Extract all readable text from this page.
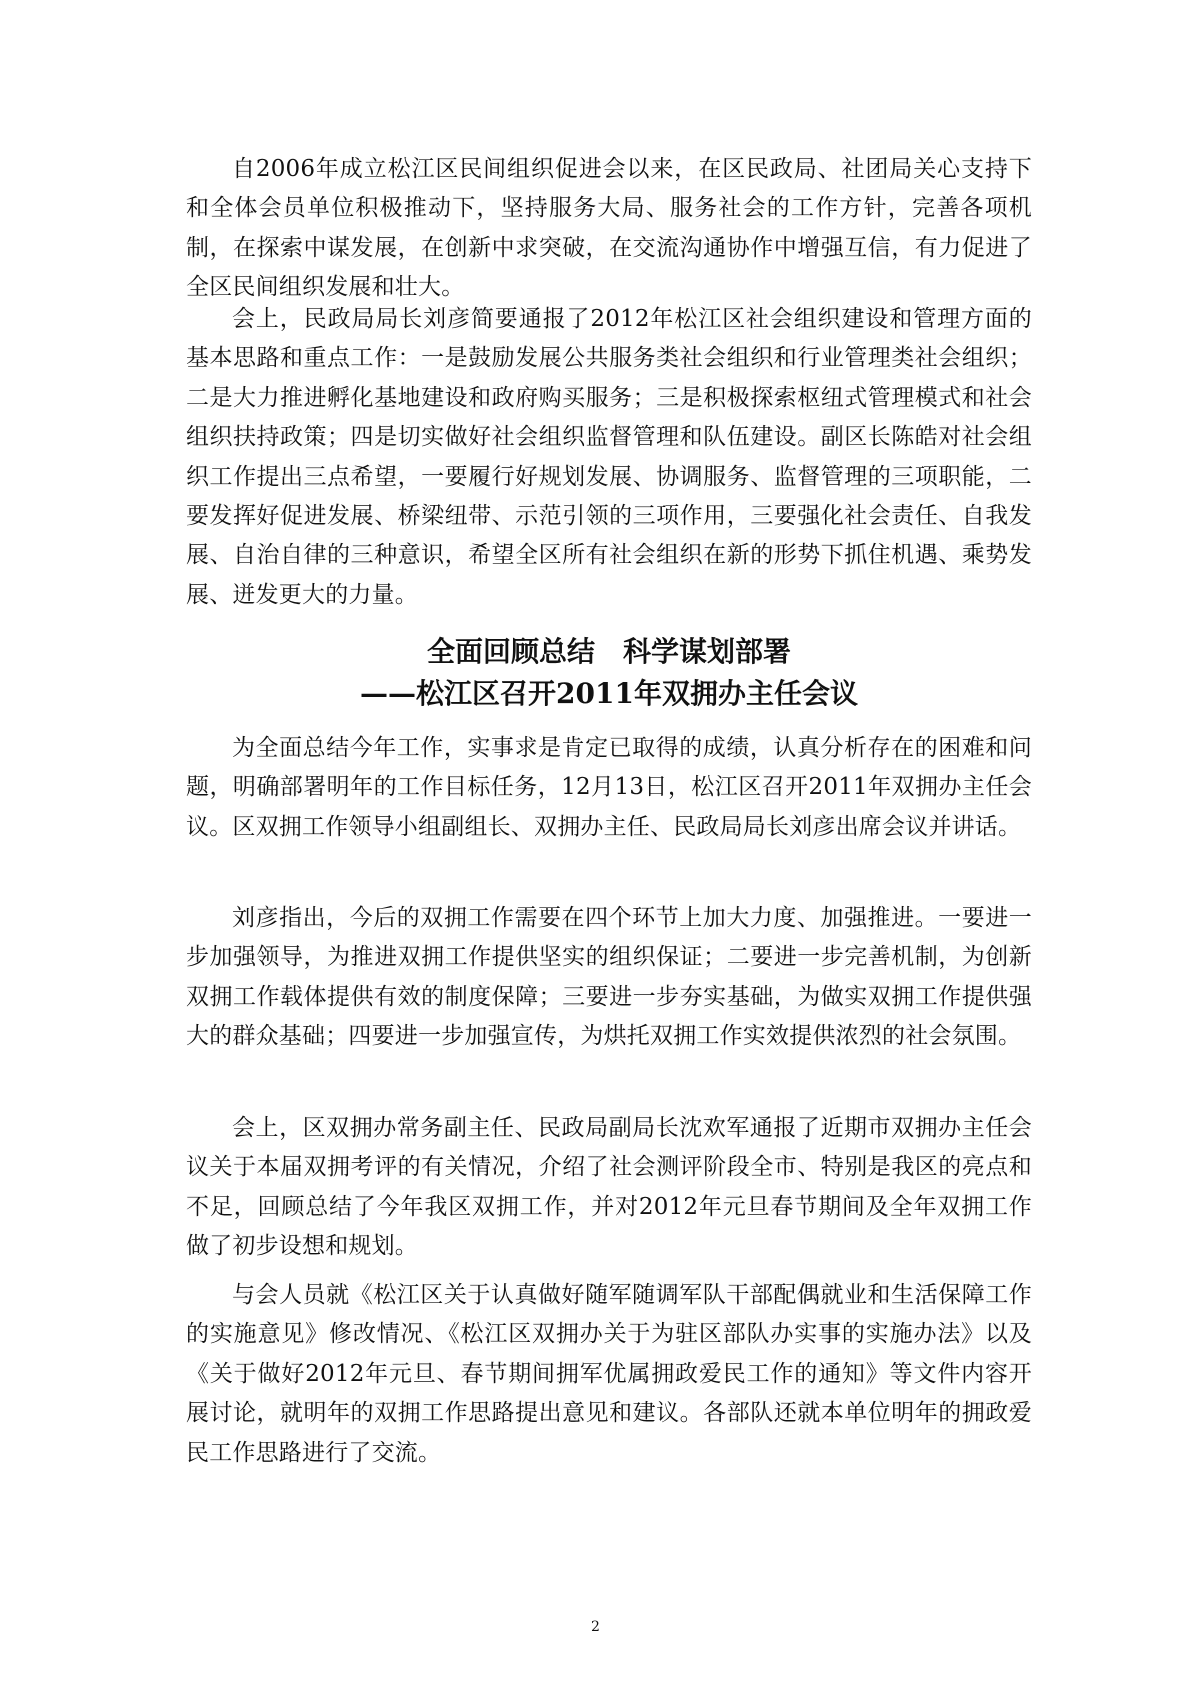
自2006年成立松江区民间组织促进会以来，在区民政局、社团局关心支持下和全体会员单位积极推动下，坚持服务大局、服务社会的工作方针，完善各项机制，在探索中谋发展，在创新中求突破，在交流沟通协作中增强互信，有力促进了全区民间组织发展和壮大。

会上，民政局局长刘彦简要通报了2012年松江区社会组织建设和管理方面的基本思路和重点工作：一是鼓励发展公共服务类社会组织和行业管理类社会组织；二是大力推进孵化基地建设和政府购买服务；三是积极探索枢纽式管理模式和社会组织扶持政策；四是切实做好社会组织监督管理和队伍建设。副区长陈皓对社会组织工作提出三点希望，一要履行好规划发展、协调服务、监督管理的三项职能，二要发挥好促进发展、桥梁纽带、示范引领的三项作用，三要强化社会责任、自我发展、自治自律的三种意识，希望全区所有社会组织在新的形势下抓住机遇、乘势发展、迸发更大的力量。

全面回顾总结　科学谋划部署
——松江区召开2011年双拥办主任会议

为全面总结今年工作，实事求是肯定已取得的成绩，认真分析存在的困难和问题，明确部署明年的工作目标任务，12月13日，松江区召开2011年双拥办主任会议。区双拥工作领导小组副组长、双拥办主任、民政局局长刘彦出席会议并讲话。

刘彦指出，今后的双拥工作需要在四个环节上加大力度、加强推进。一要进一步加强领导，为推进双拥工作提供坚实的组织保证；二要进一步完善机制，为创新双拥工作载体提供有效的制度保障；三要进一步夯实基础，为做实双拥工作提供强大的群众基础；四要进一步加强宣传，为烘托双拥工作实效提供浓烈的社会氛围。

会上，区双拥办常务副主任、民政局副局长沈欢军通报了近期市双拥办主任会议关于本届双拥考评的有关情况，介绍了社会测评阶段全市、特别是我区的亮点和不足，回顾总结了今年我区双拥工作，并对2012年元旦春节期间及全年双拥工作做了初步设想和规划。

与会人员就《松江区关于认真做好随军随调军队干部配偶就业和生活保障工作的实施意见》修改情况、《松江区双拥办关于为驻区部队办实事的实施办法》以及《关于做好2012年元旦、春节期间拥军优属拥政爱民工作的通知》等文件内容开展讨论，就明年的双拥工作思路提出意见和建议。各部队还就本单位明年的拥政爱民工作思路进行了交流。

2
